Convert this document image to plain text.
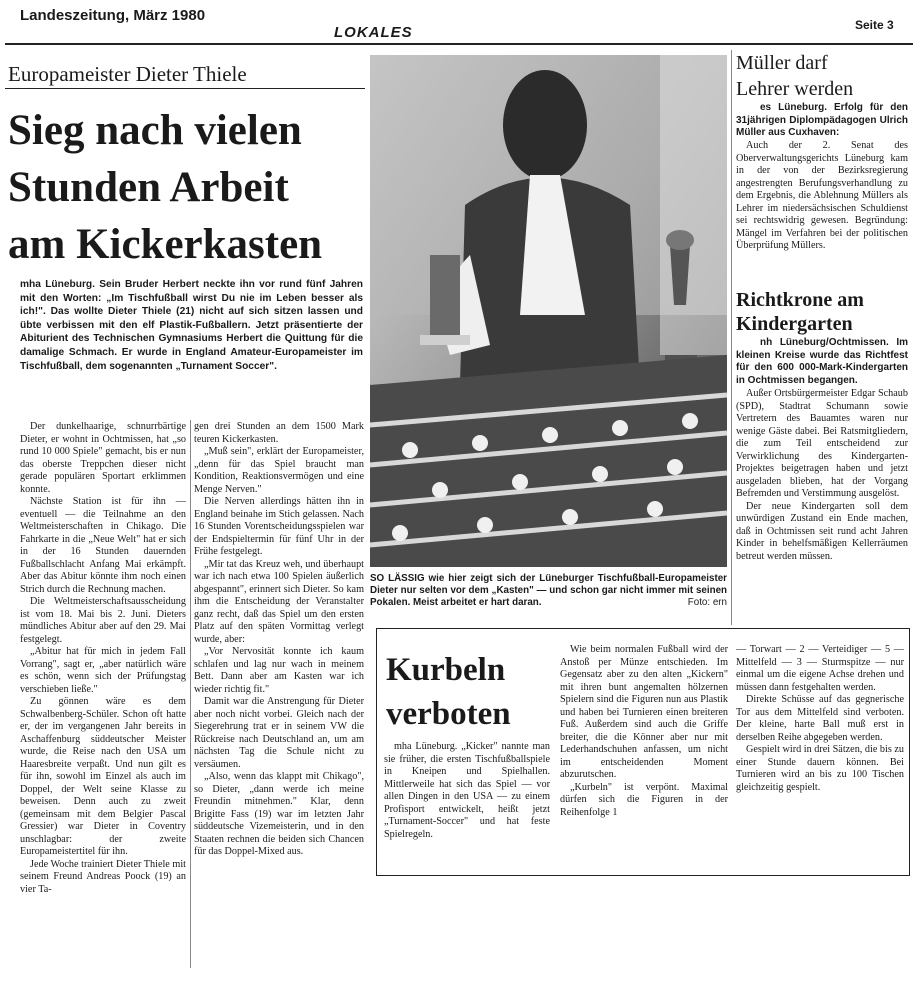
Landeszeitung, März 1980
LOKALES	Seite 3
Europameister Dieter Thiele
Sieg nach vielen
Stunden Arbeit
am Kickerkasten
mha Lüneburg. Sein Bruder Herbert neckte ihn vor rund fünf Jahren mit den Worten: „Im Tischfußball wirst Du nie im Leben besser als ich!". Das wollte Dieter Thiele (21) nicht auf sich sitzen lassen und übte verbissen mit den elf Plastik-Fußballern. Jetzt präsentierte der Abiturient des Technischen Gymnasiums Herbert die Quittung für die damalige Schmach. Er wurde in England Amateur-Europameister im Tischfußball, dem sogenannten „Turnament Soccer".

Der dunkelhaarige, schnurrbärtige Dieter, er wohnt in Ochtmissen, hat „so rund 10 000 Spiele" gemacht, bis er nun das oberste Treppchen dieser nicht gerade populären Sportart erklimmen konnte.

Nächste Station ist für ihn — eventuell — die Teilnahme an den Weltmeisterschaften in Chikago. Die Fahrkarte in die „Neue Welt" hat er sich in der 16 Stunden dauernden Fußballschlacht Anfang Mai erkämpft. Aber das Abitur könnte ihm noch einen Strich durch die Rechnung machen.

Die Weltmeisterschaftsausscheidung ist vom 18. Mai bis 2. Juni. Dieters mündliches Abitur aber auf den 29. Mai festgelegt.

„Abitur hat für mich in jedem Fall Vorrang", sagt er, „aber natürlich wäre es schön, wenn sich der Prüfungstag verschieben ließe."

Zu gönnen wäre es dem Schwalbenberg-Schüler. Schon oft hatte er, der im vergangenen Jahr bereits in Aschaffenburg süddeutscher Meister wurde, die Reise nach den USA um Haaresbreite verpaßt. Und nun gilt es für ihn, sowohl im Einzel als auch im Doppel, der Welt seine Klasse zu beweisen. Denn auch zu zweit (gemeinsam mit dem Belgier Pascal Gressier) war Dieter in Coventry unschlagbar: der zweite Europameistertitel für ihn.

Jede Woche trainiert Dieter Thiele mit seinem Freund Andreas Poock (19) an vier Ta-

gen drei Stunden an dem 1500 Mark teuren Kickerkasten.

„Muß sein", erklärt der Europameister, „denn für das Spiel braucht man Kondition, Reaktionsvermögen und eine Menge Nerven."

Die Nerven allerdings hätten ihn in England beinahe im Stich gelassen. Nach 16 Stunden Vorentscheidungsspielen war der Endspieltermin für fünf Uhr in der Frühe festgelegt.

„Mir tat das Kreuz weh, und überhaupt war ich nach etwa 100 Spielen äußerlich abgespannt", erinnert sich Dieter. So kam ihm die Entscheidung der Veranstalter ganz recht, daß das Spiel um den ersten Platz auf den späten Vormittag verlegt wurde, aber:

„Vor Nervosität konnte ich kaum schlafen und lag nur wach in meinem Bett. Dann aber am Kasten war ich wieder richtig fit."

Damit war die Anstrengung für Dieter aber noch nicht vorbei. Gleich nach der Siegerehrung trat er in seinem VW die Rückreise nach Deutschland an, um am nächsten Tag die Schule nicht zu versäumen.

„Also, wenn das klappt mit Chikago", so Dieter, „dann werde ich meine Freundin mitnehmen." Klar, denn Brigitte Fass (19) war im letzten Jahr süddeutsche Vizemeisterin, und in den Staaten rechnen die beiden sich Chancen für das Doppel-Mixed aus.

SO LÄSSIG wie hier zeigt sich der Lüneburger Tischfußball-Europameister Dieter nur selten vor dem „Kasten" — und schon gar nicht immer mit seinen Pokalen. Meist arbeitet er hart daran.	Foto: ern
Müller darf
Lehrer werden
es Lüneburg. Erfolg für den 31jährigen Diplompädagogen Ulrich Müller aus Cuxhaven:
Auch der 2. Senat des Oberverwaltungsgerichts Lüneburg kam in der von der Bezirksregierung angestrengten Berufungsverhandlung zu dem Ergebnis, die Ablehnung Müllers als Lehrer im niedersächsischen Schuldienst sei rechtswidrig gewesen. Begründung: Mängel im Verfahren bei der politischen Überprüfung Müllers.
Richtkrone am
Kindergarten
nh Lüneburg/Ochtmissen. Im kleinen Kreise wurde das Richtfest für den 600 000-Mark-Kindergarten in Ochtmissen begangen.

Außer Ortsbürgermeister Edgar Schaub (SPD), Stadtrat Schumann sowie Vertretern des Bauamtes waren nur wenige Gäste dabei. Bei Ratsmitgliedern, die zum Teil entscheidend zur Verwirklichung des Kindergarten-Projektes beigetragen haben und jetzt ausgeladen blieben, hat der Vorgang Befremden und Verstimmung ausgelöst.

Der neue Kindergarten soll dem unwürdigen Zustand ein Ende machen, daß in Ochtmissen seit rund acht Jahren Kinder in behelfsmäßigen Kellerräumen betreut werden müssen.

Kurbeln
verboten

mha Lüneburg. „Kicker" nannte man sie früher, die ersten Tischfußballspiele in Kneipen und Spielhallen. Mittlerweile hat sich das Spiel — vor allen Dingen in den USA — zu einem Profisport entwickelt, heißt jetzt „Turnament-Soccer" und hat feste Spielregeln.

Wie beim normalen Fußball wird der Anstoß per Münze entschieden. Im Gegensatz aber zu den alten „Kickern" mit ihren bunt angemalten hölzernen Spielern sind die Figuren nun aus Plastik und haben bei Turnieren einen breiteren Fuß. Außerdem sind auch die Griffe breiter, die die Könner aber nur mit Lederhandschuhen anfassen, um nicht im entscheidenden Moment abzurutschen.

„Kurbeln" ist verpönt. Maximal dürfen sich die Figuren in der Reihenfolge 1

— Torwart — 2 — Verteidiger — 5 — Mittelfeld — 3 — Sturmspitze — nur einmal um die eigene Achse drehen und müssen dann festgehalten werden.

Direkte Schüsse auf das gegnerische Tor aus dem Mittelfeld sind verboten. Der kleine, harte Ball muß erst in derselben Reihe abgegeben werden.

Gespielt wird in drei Sätzen, die bis zu einer Stunde dauern können. Bei Turnieren wird an bis zu 100 Tischen gleichzeitig gespielt.
